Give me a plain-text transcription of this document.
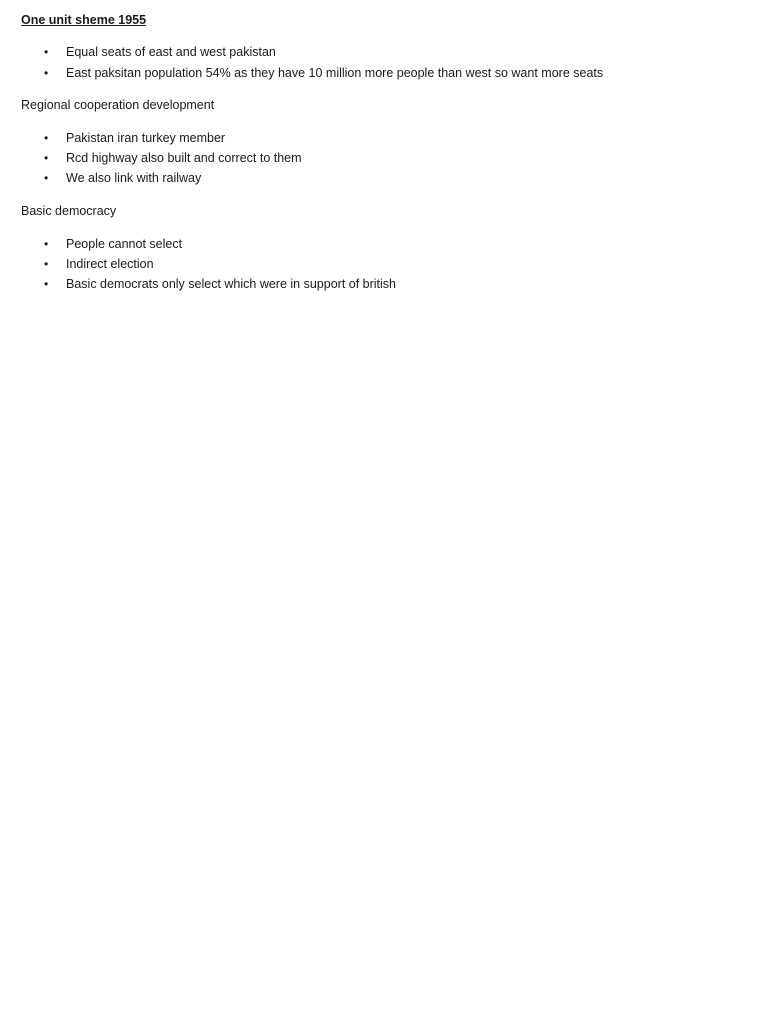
One unit sheme 1955
• Equal seats of east and west pakistan
• East paksitan population 54% as they have 10 million more people than west so want more seats
Regional cooperation development
• Pakistan iran turkey member
• Rcd highway also built and correct to them
• We also link with railway
Basic democracy
• People cannot select
• Indirect election
• Basic democrats only select which were in support of british
